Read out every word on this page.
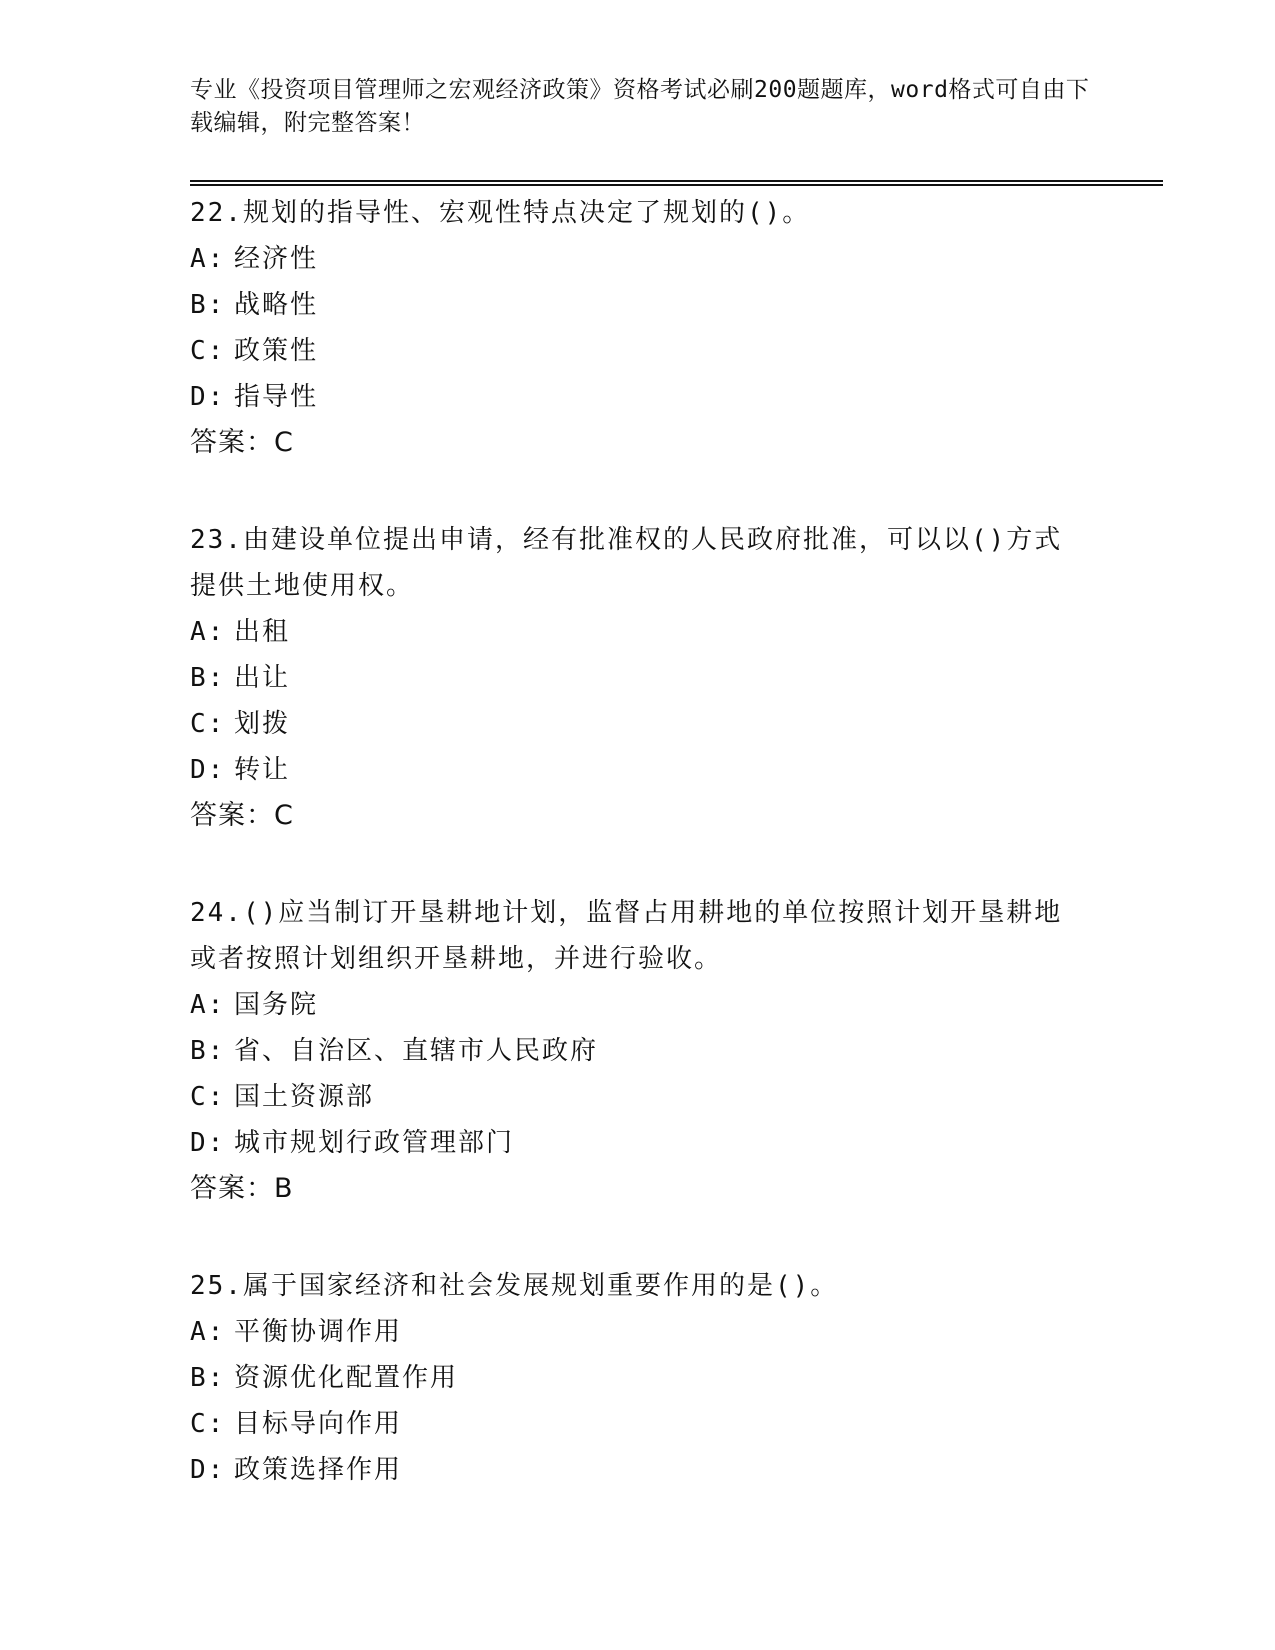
专业《投资项目管理师之宏观经济政策》资格考试必刷200题题库，word格式可自由下载编辑，附完整答案！
22.规划的指导性、宏观性特点决定了规划的()。
A: 经济性
B: 战略性
C: 政策性
D: 指导性
答案：C
23.由建设单位提出申请，经有批准权的人民政府批准，可以以()方式提供土地使用权。
A: 出租
B: 出让
C: 划拨
D: 转让
答案：C
24.()应当制订开垦耕地计划，监督占用耕地的单位按照计划开垦耕地或者按照计划组织开垦耕地，并进行验收。
A: 国务院
B: 省、自治区、直辖市人民政府
C: 国土资源部
D: 城市规划行政管理部门
答案：B
25.属于国家经济和社会发展规划重要作用的是()。
A: 平衡协调作用
B: 资源优化配置作用
C: 目标导向作用
D: 政策选择作用
